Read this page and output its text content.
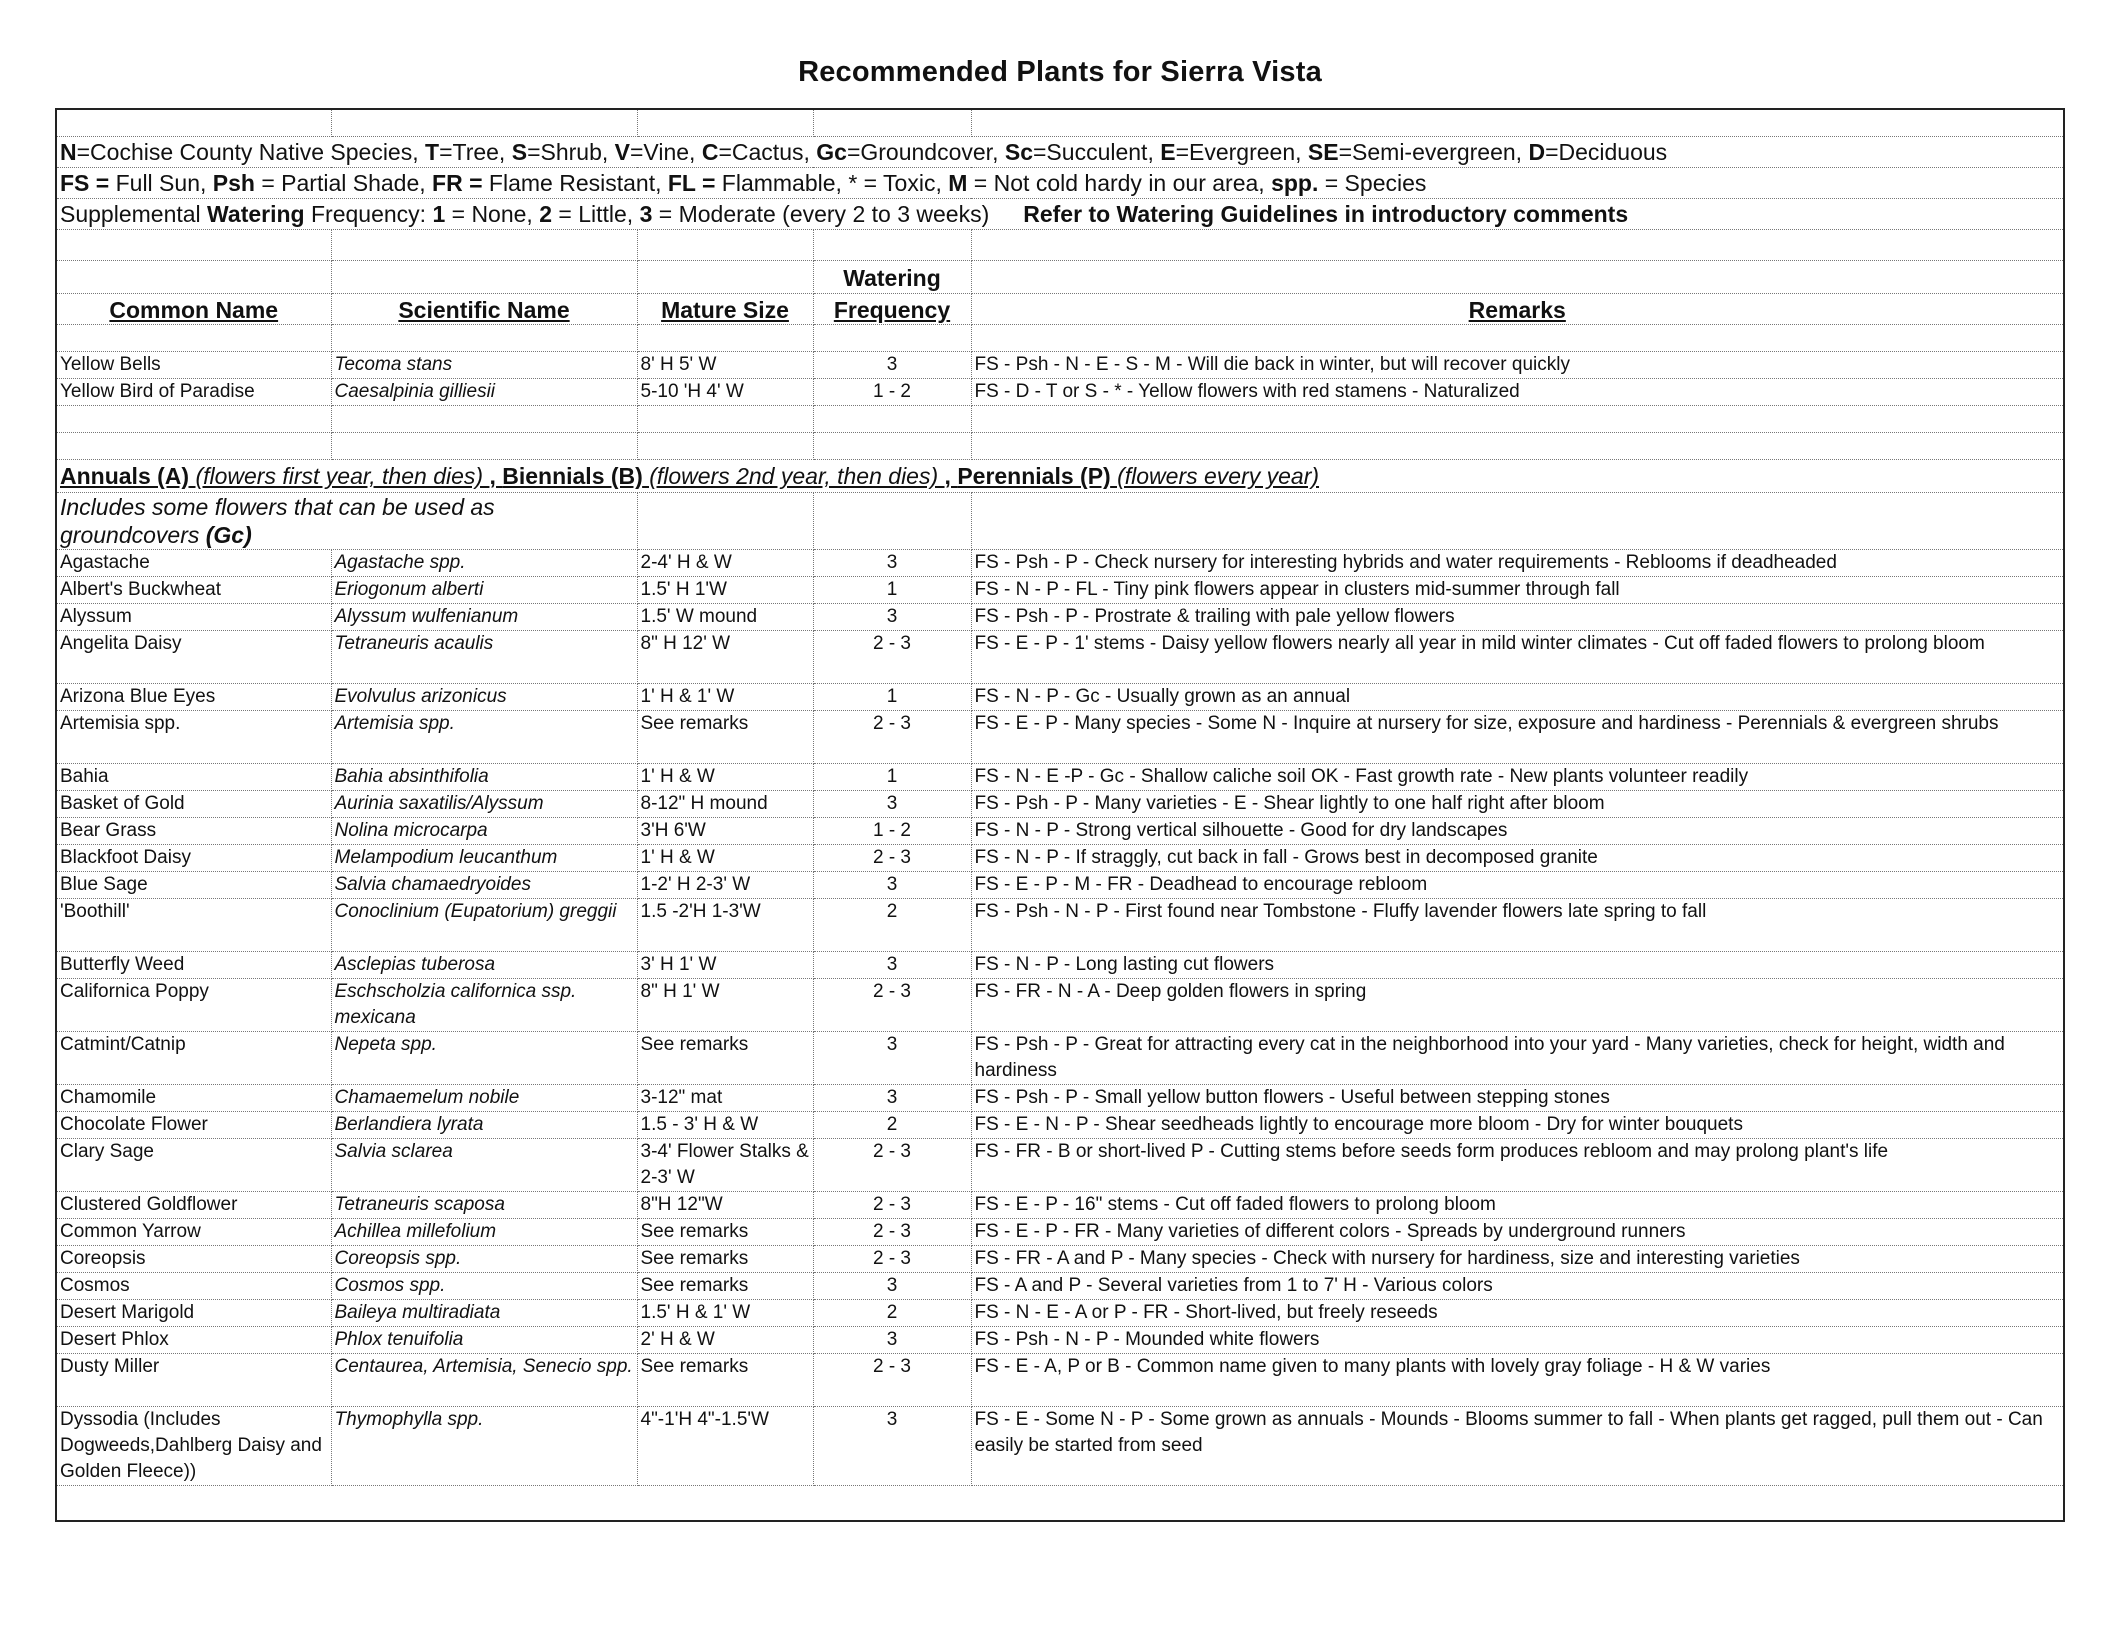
Recommended Plants for Sierra Vista

N=Cochise County Native Species, T=Tree, S=Shrub, V=Vine, C=Cactus, Gc=Groundcover, Sc=Succulent, E=Evergreen, SE=Semi-evergreen, D=Deciduous				
FS = Full Sun, Psh = Partial Shade, FR = Flame Resistant, FL = Flammable, * = Toxic, M = Not cold hardy in our area, spp. = Species				
Supplemental Watering Frequency: 1 = None, 2 = Little, 3 = Moderate (every 2 to 3 weeks) Refer to Watering Guidelines in introductory comments				

			Watering	
Common Name	Scientific Name	Mature Size	Frequency	Remarks

Yellow Bells	Tecoma stans	8' H 5' W	3	FS - Psh - N - E - S - M - Will die back in winter, but will recover quickly
Yellow Bird of Paradise	Caesalpinia gilliesii	5-10 'H 4' W	1 - 2	FS - D - T or S - * - Yellow flowers with red stamens - Naturalized

Annuals (A) (flowers first year, then dies) , Biennials (B) (flowers 2nd year, then dies) , Perennials (P) (flowers every year)				
Includes some flowers that can be used as groundcovers (Gc)				
Agastache	Agastache spp.	2-4' H & W	3	FS - Psh - P - Check nursery for interesting hybrids and water requirements - Reblooms if deadheaded
Albert's Buckwheat	Eriogonum alberti	1.5' H 1'W	1	FS - N - P - FL - Tiny pink flowers appear in clusters mid-summer through fall
Alyssum	Alyssum wulfenianum	1.5' W mound	3	FS - Psh - P - Prostrate & trailing with pale yellow flowers
Angelita Daisy	Tetraneuris acaulis	8" H 12' W	2 - 3	FS - E - P - 1' stems - Daisy yellow flowers nearly all year in mild winter climates - Cut off faded flowers to prolong bloom
Arizona Blue Eyes	Evolvulus arizonicus	1' H & 1' W	1	FS - N - P - Gc - Usually grown as an annual
Artemisia spp.	Artemisia spp.	See remarks	2 - 3	FS - E - P - Many species - Some N - Inquire at nursery for size, exposure and hardiness - Perennials & evergreen shrubs
Bahia	Bahia absinthifolia	1' H & W	1	FS - N - E -P - Gc - Shallow caliche soil OK - Fast growth rate - New plants volunteer readily
Basket of Gold	Aurinia saxatilis/Alyssum	8-12" H mound	3	FS - Psh - P - Many varieties - E - Shear lightly to one half right after bloom
Bear Grass	Nolina microcarpa	3'H 6'W	1 - 2	FS - N - P - Strong vertical silhouette - Good for dry landscapes
Blackfoot Daisy	Melampodium leucanthum	1' H & W	2 - 3	FS - N - P - If straggly, cut back in fall - Grows best in decomposed granite
Blue Sage	Salvia chamaedryoides	1-2' H 2-3' W	3	FS - E - P - M - FR - Deadhead to encourage rebloom
'Boothill'	Conoclinium (Eupatorium) greggii	1.5 -2'H 1-3'W	2	FS - Psh - N - P - First found near Tombstone - Fluffy lavender flowers late spring to fall
Butterfly Weed	Asclepias tuberosa	3' H 1' W	3	FS - N - P - Long lasting cut flowers
Californica Poppy	Eschscholzia californica ssp. mexicana	8" H 1' W	2 - 3	FS - FR - N - A - Deep golden flowers in spring
Catmint/Catnip	Nepeta spp.	See remarks	3	FS - Psh - P - Great for attracting every cat in the neighborhood into your yard - Many varieties, check for height, width and hardiness
Chamomile	Chamaemelum nobile	3-12" mat	3	FS - Psh - P - Small yellow button flowers - Useful between stepping stones
Chocolate Flower	Berlandiera lyrata	1.5 - 3' H & W	2	FS - E - N - P - Shear seedheads lightly to encourage more bloom - Dry for winter bouquets
Clary Sage	Salvia sclarea	3-4' Flower Stalks & 2-3' W	2 - 3	FS - FR - B or short-lived P - Cutting stems before seeds form produces rebloom and may prolong plant's life
Clustered Goldflower	Tetraneuris scaposa	8"H 12"W	2 - 3	FS - E - P - 16" stems - Cut off faded flowers to prolong bloom
Common Yarrow	Achillea millefolium	See remarks	2 - 3	FS - E - P - FR - Many varieties of different colors - Spreads by underground runners
Coreopsis	Coreopsis spp.	See remarks	2 - 3	FS - FR - A and P - Many species - Check with nursery for hardiness, size and interesting varieties
Cosmos	Cosmos spp.	See remarks	3	FS - A and P - Several varieties from 1 to 7' H - Various colors
Desert Marigold	Baileya multiradiata	1.5' H & 1' W	2	FS - N - E - A or P - FR - Short-lived, but freely reseeds
Desert Phlox	Phlox tenuifolia	2' H & W	3	FS - Psh - N - P - Mounded white flowers
Dusty Miller	Centaurea, Artemisia, Senecio spp.	See remarks	2 - 3	FS - E - A, P or B - Common name given to many plants with lovely gray foliage - H & W varies
Dyssodia (Includes Dogweeds,Dahlberg Daisy and Golden Fleece))	Thymophylla spp.	4"-1'H 4"-1.5'W	3	FS - E - Some N - P - Some grown as annuals - Mounds - Blooms summer to fall - When plants get ragged, pull them out - Can easily be started from seed
